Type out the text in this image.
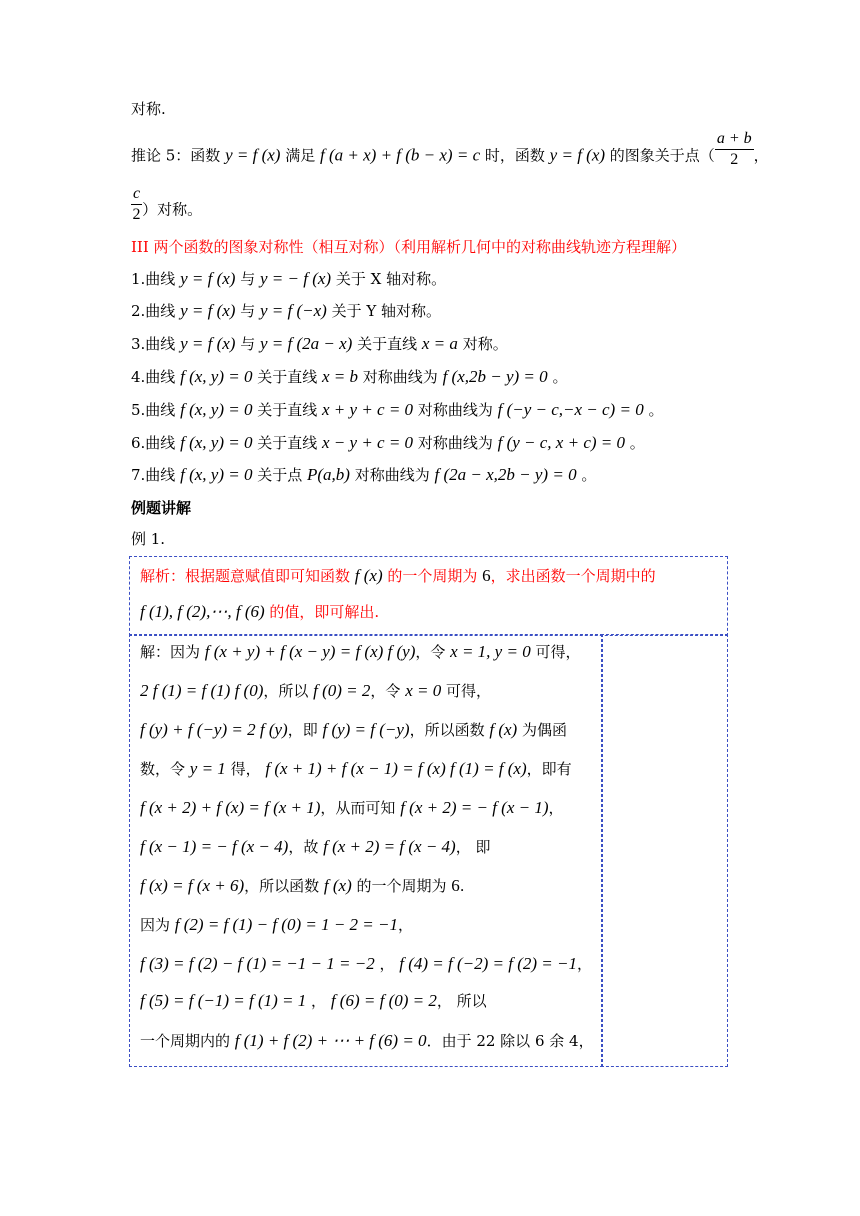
对称.
推论 5：函数 y = f (x) 满足 f (a + x) + f (b − x) = c 时，函数 y = f (x) 的图象关于点（ $\frac{a + b}{2}$ ，
$\frac{c}{2}$ ）对称。
III 两个函数的图象对称性（相互对称）（利用解析几何中的对称曲线轨迹方程理解）
1.曲线 y = f (x) 与 y = − f (x) 关于 X 轴对称。
2.曲线 y = f (x) 与 y = f (−x) 关于 Y 轴对称。
3.曲线 y = f (x) 与 y = f (2a − x) 关于直线 x = a 对称。
4.曲线 f (x, y) = 0 关于直线 x = b 对称曲线为 f (x,2b − y) = 0 。
5.曲线 f (x, y) = 0 关于直线 x + y + c = 0 对称曲线为 f (−y − c,−x − c) = 0 。
6.曲线 f (x, y) = 0 关于直线 x − y + c = 0 对称曲线为 f (y − c, x + c) = 0 。
7.曲线 f (x, y) = 0 关于点 P(a,b) 对称曲线为 f (2a − x,2b − y) = 0 。
例题讲解
例 1.
解析：根据题意赋值即可知函数 f (x) 的一个周期为 6，求出函数一个周期中的
f (1), f (2),⋯, f (6) 的值，即可解出.
解：因为 f (x + y) + f (x − y) = f (x) f (y)，令 x = 1, y = 0 可得，
2 f (1) = f (1) f (0)，所以 f (0) = 2，令 x = 0 可得，
f (y) + f (−y) = 2 f (y)，即 f (y) = f (−y)，所以函数 f (x) 为偶函
数，令 y = 1 得， f (x + 1) + f (x − 1) = f (x) f (1) = f (x)，即有
f (x + 2) + f (x) = f (x + 1)，从而可知 f (x + 2) = − f (x − 1)，
f (x − 1) = − f (x − 4)，故 f (x + 2) = f (x − 4)， 即
f (x) = f (x + 6)，所以函数 f (x) 的一个周期为 6.
因为 f (2) = f (1) − f (0) = 1 − 2 = −1，
f (3) = f (2) − f (1) = −1 − 1 = −2 ， f (4) = f (−2) = f (2) = −1，
f (5) = f (−1) = f (1) = 1 ， f (6) = f (0) = 2， 所以
一个周期内的 f (1) + f (2) + ⋯ + f (6) = 0．由于 22 除以 6 余 4，
